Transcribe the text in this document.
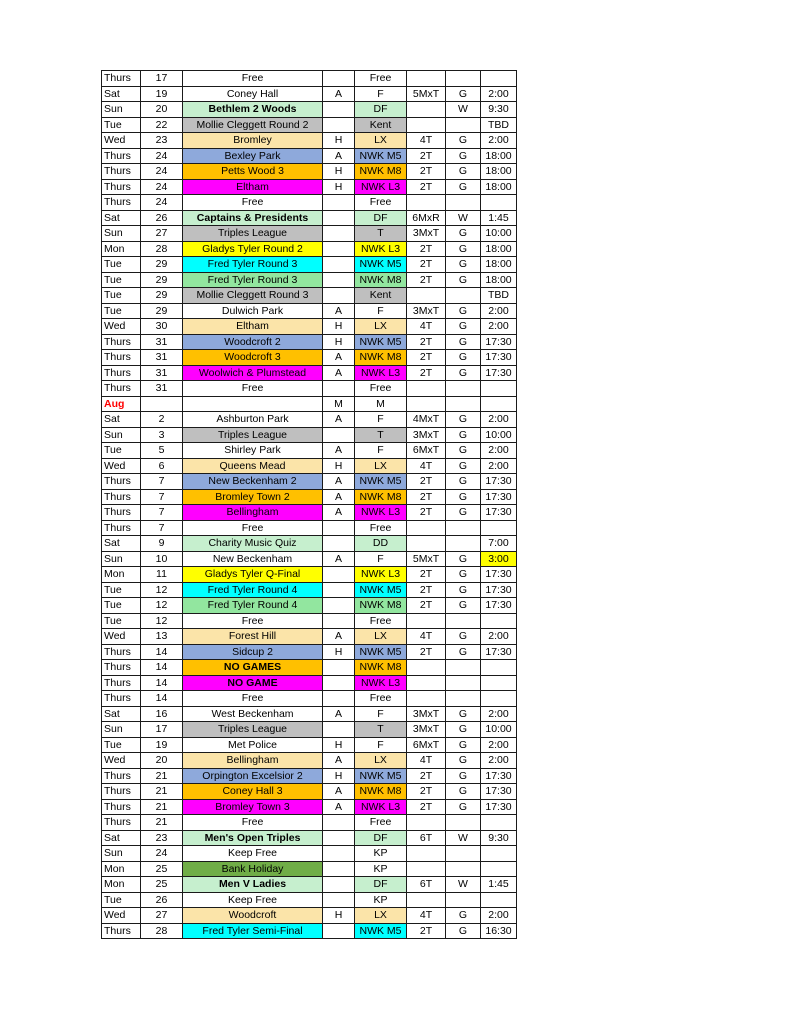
Thurs	17	Free		Free			
Sat	19	Coney Hall	A	F	5MxT	G	2:00
Sun	20	Bethlem 2 Woods		DF		W	9:30
Tue	22	Mollie Cleggett Round 2		Kent			TBD
Wed	23	Bromley	H	LX	4T	G	2:00
Thurs	24	Bexley Park	A	NWK M5	2T	G	18:00
Thurs	24	Petts Wood 3	H	NWK M8	2T	G	18:00
Thurs	24	Eltham	H	NWK L3	2T	G	18:00
Thurs	24	Free		Free			
Sat	26	Captains & Presidents		DF	6MxR	W	1:45
Sun	27	Triples League		T	3MxT	G	10:00
Mon	28	Gladys Tyler Round 2		NWK L3	2T	G	18:00
Tue	29	Fred Tyler Round 3		NWK M5	2T	G	18:00
Tue	29	Fred Tyler Round 3		NWK M8	2T	G	18:00
Tue	29	Mollie Cleggett Round 3		Kent			TBD
Tue	29	Dulwich Park	A	F	3MxT	G	2:00
Wed	30	Eltham	H	LX	4T	G	2:00
Thurs	31	Woodcroft 2	H	NWK M5	2T	G	17:30
Thurs	31	Woodcroft 3	A	NWK M8	2T	G	17:30
Thurs	31	Woolwich & Plumstead	A	NWK L3	2T	G	17:30
Thurs	31	Free		Free			
Aug			M	M			
Sat	2	Ashburton Park	A	F	4MxT	G	2:00
Sun	3	Triples League		T	3MxT	G	10:00
Tue	5	Shirley Park	A	F	6MxT	G	2:00
Wed	6	Queens Mead	H	LX	4T	G	2:00
Thurs	7	New Beckenham 2	A	NWK M5	2T	G	17:30
Thurs	7	Bromley Town 2	A	NWK M8	2T	G	17:30
Thurs	7	Bellingham	A	NWK L3	2T	G	17:30
Thurs	7	Free		Free			
Sat	9	Charity Music Quiz		DD			7:00
Sun	10	New Beckenham	A	F	5MxT	G	3:00
Mon	11	Gladys Tyler Q-Final		NWK L3	2T	G	17:30
Tue	12	Fred Tyler Round 4		NWK M5	2T	G	17:30
Tue	12	Fred Tyler Round 4		NWK M8	2T	G	17:30
Tue	12	Free		Free			
Wed	13	Forest Hill	A	LX	4T	G	2:00
Thurs	14	Sidcup 2	H	NWK M5	2T	G	17:30
Thurs	14	NO GAMES		NWK M8			
Thurs	14	NO GAME		NWK L3			
Thurs	14	Free		Free			
Sat	16	West Beckenham	A	F	3MxT	G	2:00
Sun	17	Triples League		T	3MxT	G	10:00
Tue	19	Met Police	H	F	6MxT	G	2:00
Wed	20	Bellingham	A	LX	4T	G	2:00
Thurs	21	Orpington Excelsior 2	H	NWK M5	2T	G	17:30
Thurs	21	Coney Hall 3	A	NWK M8	2T	G	17:30
Thurs	21	Bromley Town 3	A	NWK L3	2T	G	17:30
Thurs	21	Free		Free			
Sat	23	Men's Open Triples		DF	6T	W	9:30
Sun	24	Keep Free		KP			
Mon	25	Bank Holiday		KP			
Mon	25	Men V Ladies		DF	6T	W	1:45
Tue	26	Keep Free		KP			
Wed	27	Woodcroft	H	LX	4T	G	2:00
Thurs	28	Fred Tyler Semi-Final		NWK M5	2T	G	16:30
